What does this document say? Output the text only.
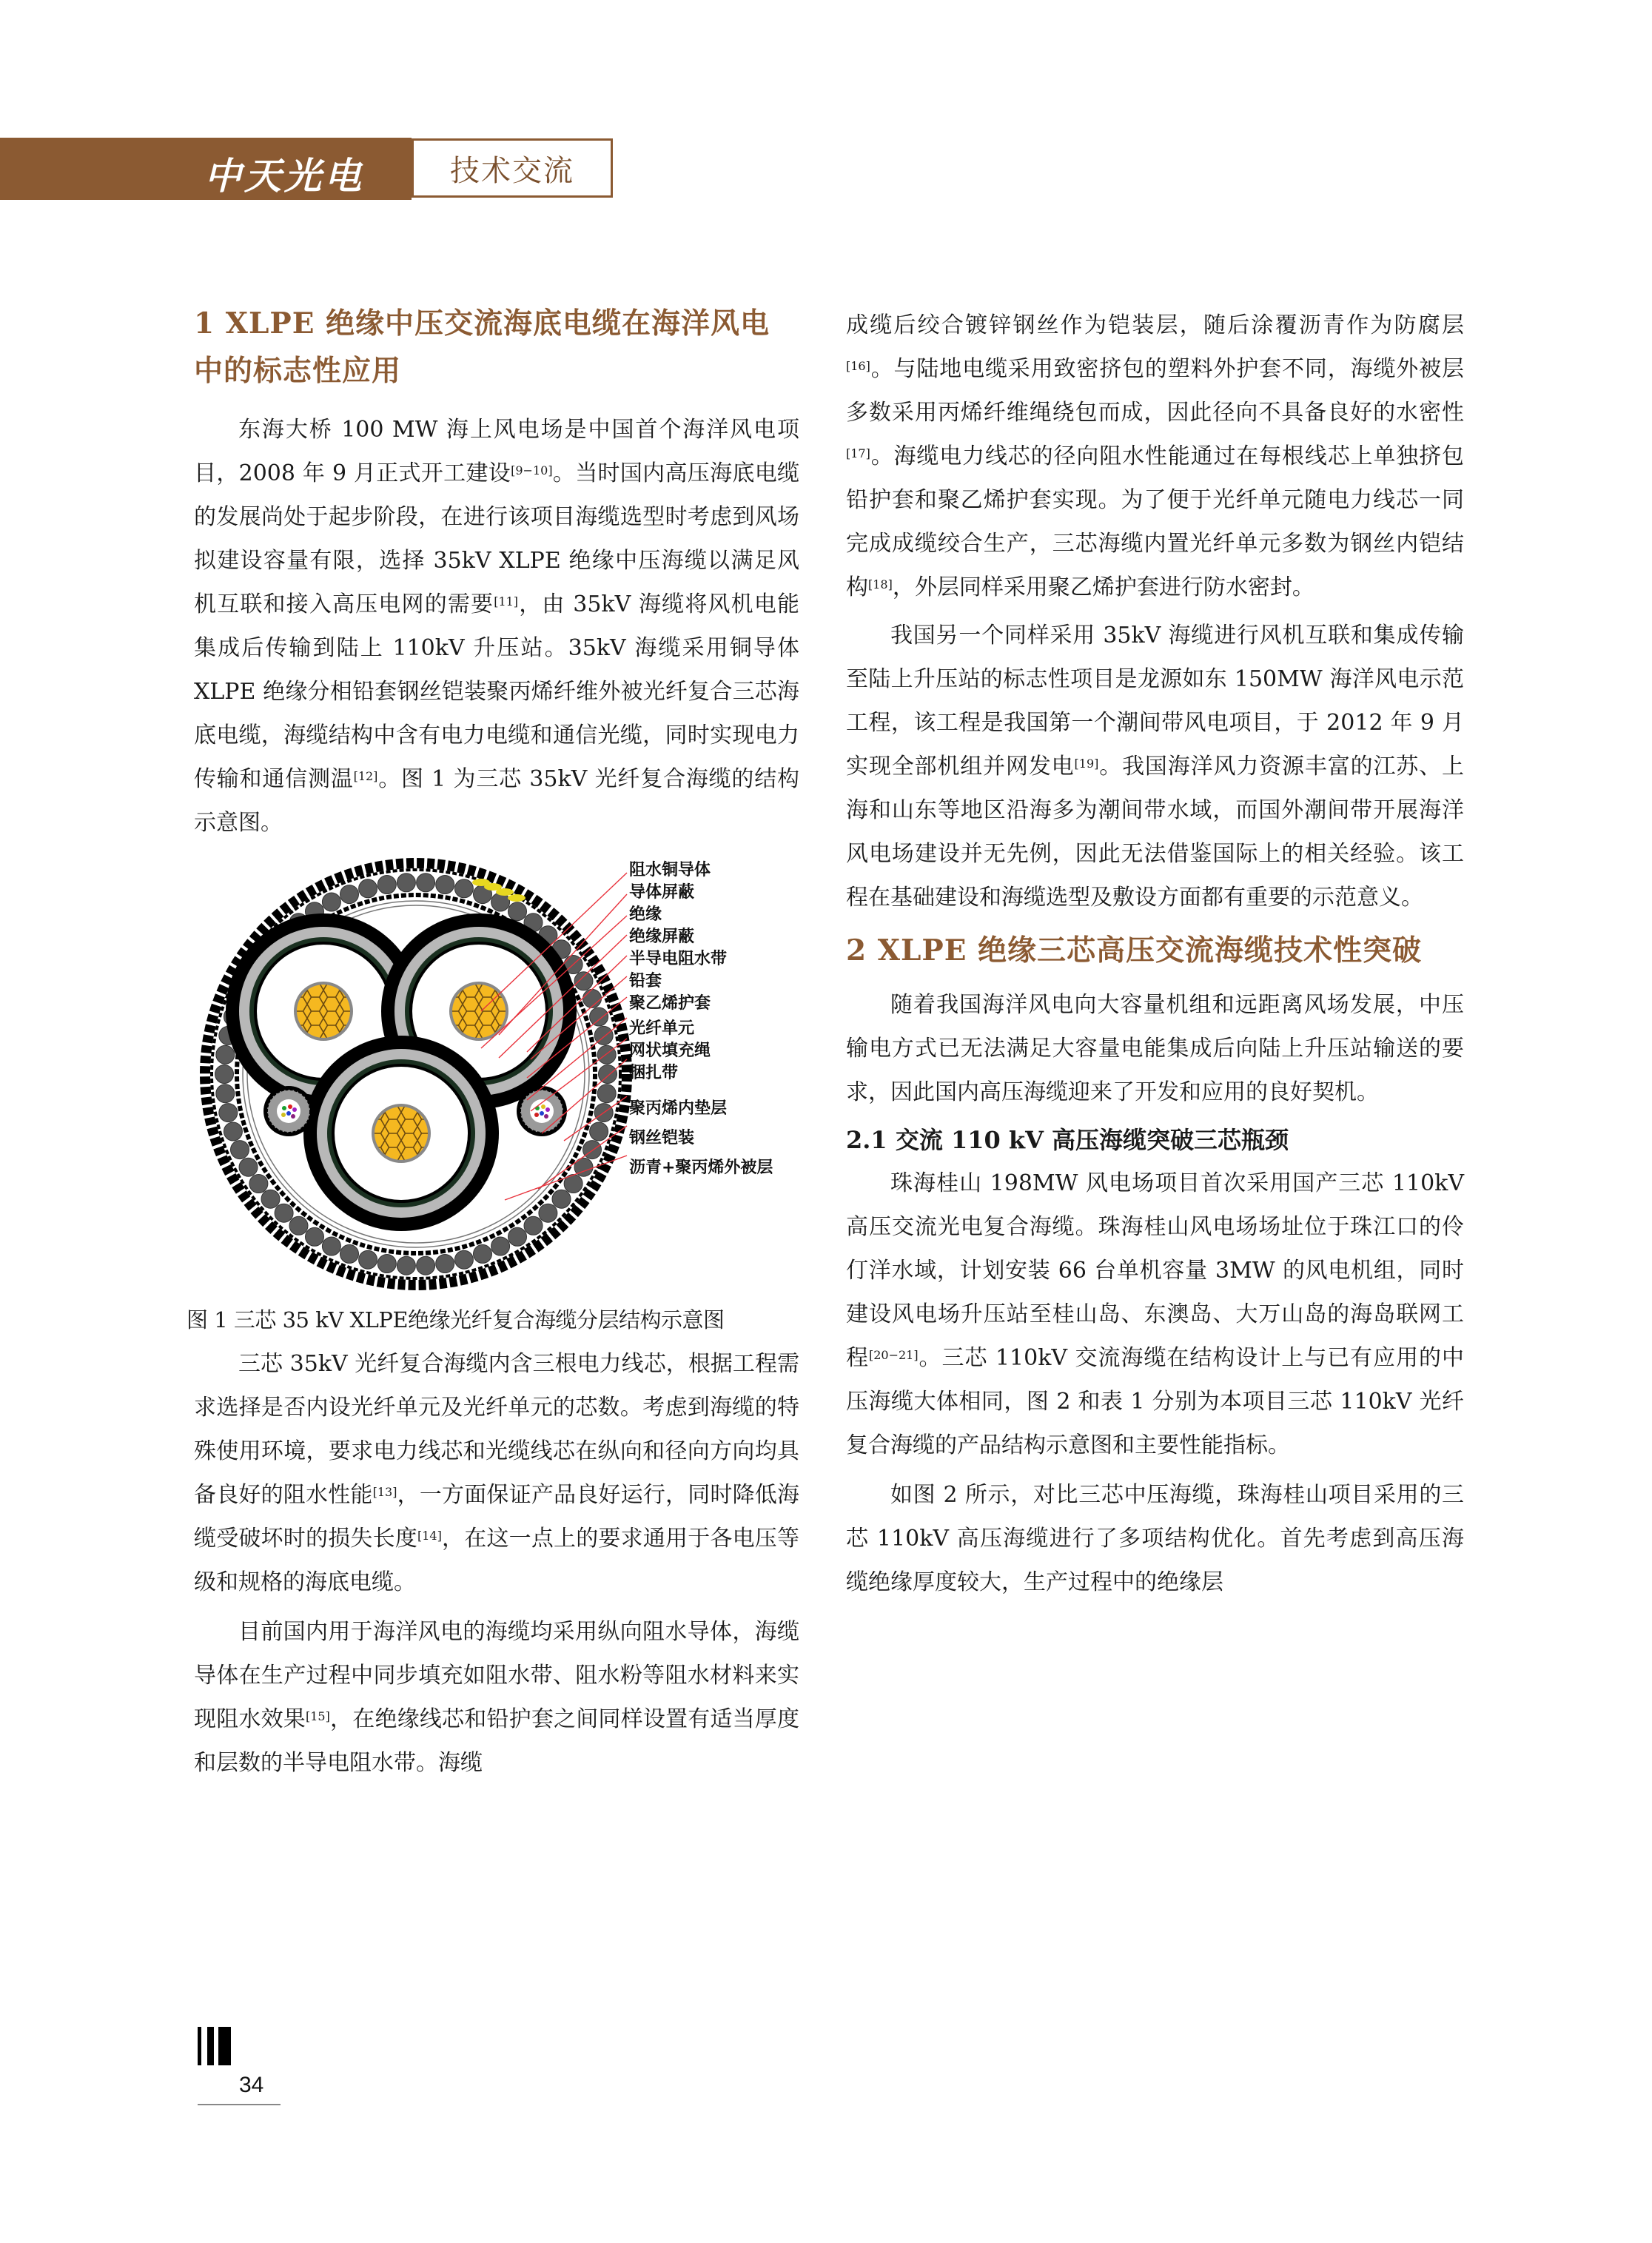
中天光电	技术交流
1 XLPE 绝缘中压交流海底电缆在海洋风电中的标志性应用

东海大桥 100 MW 海上风电场是中国首个海洋风电项目，2008 年 9 月正式开工建设[9−10]。当时国内高压海底电缆的发展尚处于起步阶段，在进行该项目海缆选型时考虑到风场拟建设容量有限，选择 35kV XLPE 绝缘中压海缆以满足风机互联和接入高压电网的需要[11]，由 35kV 海缆将风机电能集成后传输到陆上 110kV 升压站。35kV 海缆采用铜导体 XLPE 绝缘分相铅套钢丝铠装聚丙烯纤维外被光纤复合三芯海底电缆，海缆结构中含有电力电缆和通信光缆，同时实现电力传输和通信测温[12]。图 1 为三芯 35kV 光纤复合海缆的结构示意图。

阻水铜导体
导体屏蔽
绝缘
绝缘屏蔽
半导电阻水带
铅套
聚乙烯护套
光纤单元
网状填充绳
捆扎带
聚丙烯内垫层
钢丝铠装
沥青+聚丙烯外被层
图 1 三芯 35 kV XLPE绝缘光纤复合海缆分层结构示意图

三芯 35kV 光纤复合海缆内含三根电力线芯，根据工程需求选择是否内设光纤单元及光纤单元的芯数。考虑到海缆的特殊使用环境，要求电力线芯和光缆线芯在纵向和径向方向均具备良好的阻水性能[13]，一方面保证产品良好运行，同时降低海缆受破坏时的损失长度[14]，在这一点上的要求通用于各电压等级和规格的海底电缆。

目前国内用于海洋风电的海缆均采用纵向阻水导体，海缆导体在生产过程中同步填充如阻水带、阻水粉等阻水材料来实现阻水效果[15]，在绝缘线芯和铅护套之间同样设置有适当厚度和层数的半导电阻水带。海缆

成缆后绞合镀锌钢丝作为铠装层，随后涂覆沥青作为防腐层[16]。与陆地电缆采用致密挤包的塑料外护套不同，海缆外被层多数采用丙烯纤维绳绕包而成，因此径向不具备良好的水密性[17]。海缆电力线芯的径向阻水性能通过在每根线芯上单独挤包铅护套和聚乙烯护套实现。为了便于光纤单元随电力线芯一同完成成缆绞合生产，三芯海缆内置光纤单元多数为钢丝内铠结构[18]，外层同样采用聚乙烯护套进行防水密封。

我国另一个同样采用 35kV 海缆进行风机互联和集成传输至陆上升压站的标志性项目是龙源如东 150MW 海洋风电示范工程，该工程是我国第一个潮间带风电项目，于 2012 年 9 月实现全部机组并网发电[19]。我国海洋风力资源丰富的江苏、上海和山东等地区沿海多为潮间带水域，而国外潮间带开展海洋风电场建设并无先例，因此无法借鉴国际上的相关经验。该工程在基础建设和海缆选型及敷设方面都有重要的示范意义。

2 XLPE 绝缘三芯高压交流海缆技术性突破

随着我国海洋风电向大容量机组和远距离风场发展，中压输电方式已无法满足大容量电能集成后向陆上升压站输送的要求，因此国内高压海缆迎来了开发和应用的良好契机。

2.1 交流 110 kV 高压海缆突破三芯瓶颈

珠海桂山 198MW 风电场项目首次采用国产三芯 110kV 高压交流光电复合海缆。珠海桂山风电场场址位于珠江口的伶仃洋水域，计划安装 66 台单机容量 3MW 的风电机组，同时建设风电场升压站至桂山岛、东澳岛、大万山岛的海岛联网工程[20−21]。三芯 110kV 交流海缆在结构设计上与已有应用的中压海缆大体相同，图 2 和表 1 分别为本项目三芯 110kV 光纤复合海缆的产品结构示意图和主要性能指标。

如图 2 所示，对比三芯中压海缆，珠海桂山项目采用的三芯 110kV 高压海缆进行了多项结构优化。首先考虑到高压海缆绝缘厚度较大，生产过程中的绝缘层

34
